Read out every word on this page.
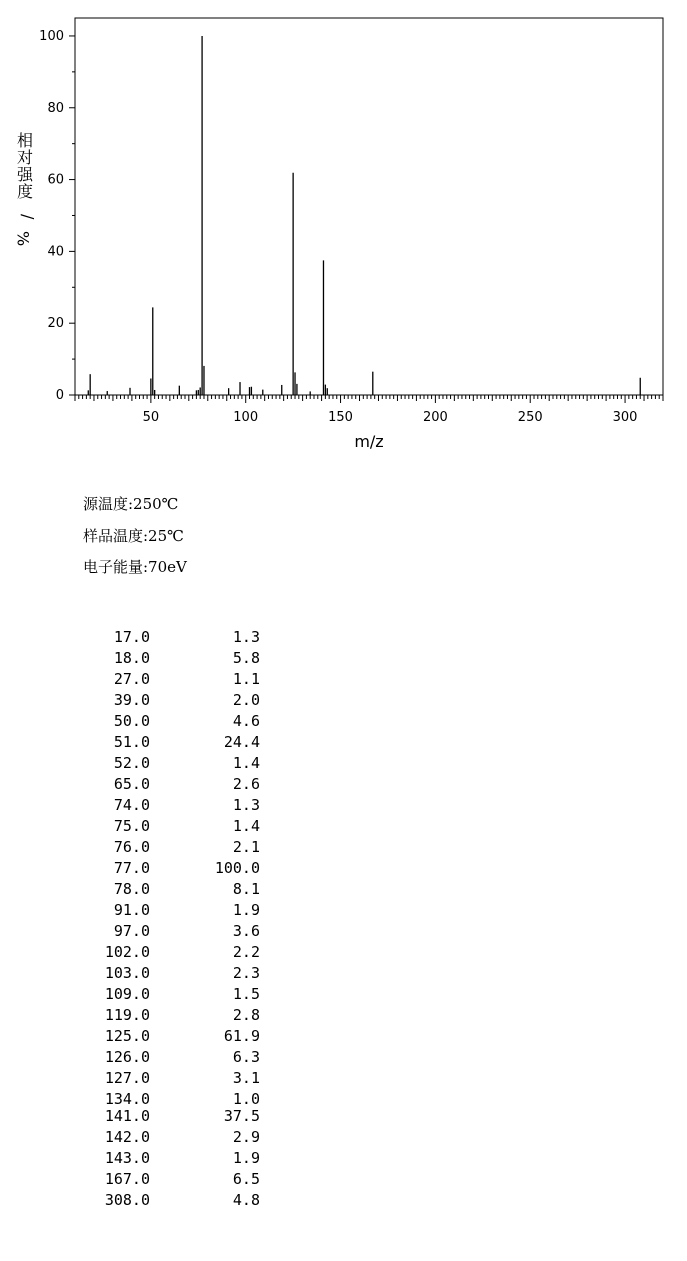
0
20
40
60
80
100
50	100	150	200	250	300
m/z
相对强度/ %
源温度:250℃
样品温度:25℃
电子能量:70eV
17.0	1.3
18.0	5.8
27.0	1.1
39.0	2.0
50.0	4.6
51.0	24.4
52.0	1.4
65.0	2.6
74.0	1.3
75.0	1.4
76.0	2.1
77.0	100.0
78.0	8.1
91.0	1.9
97.0	3.6
102.0	2.2
103.0	2.3
109.0	1.5
119.0	2.8
125.0	61.9
126.0	6.3
127.0	3.1
134.0	1.0
141.0	37.5
142.0	2.9
143.0	1.9
167.0	6.5
308.0	4.8
